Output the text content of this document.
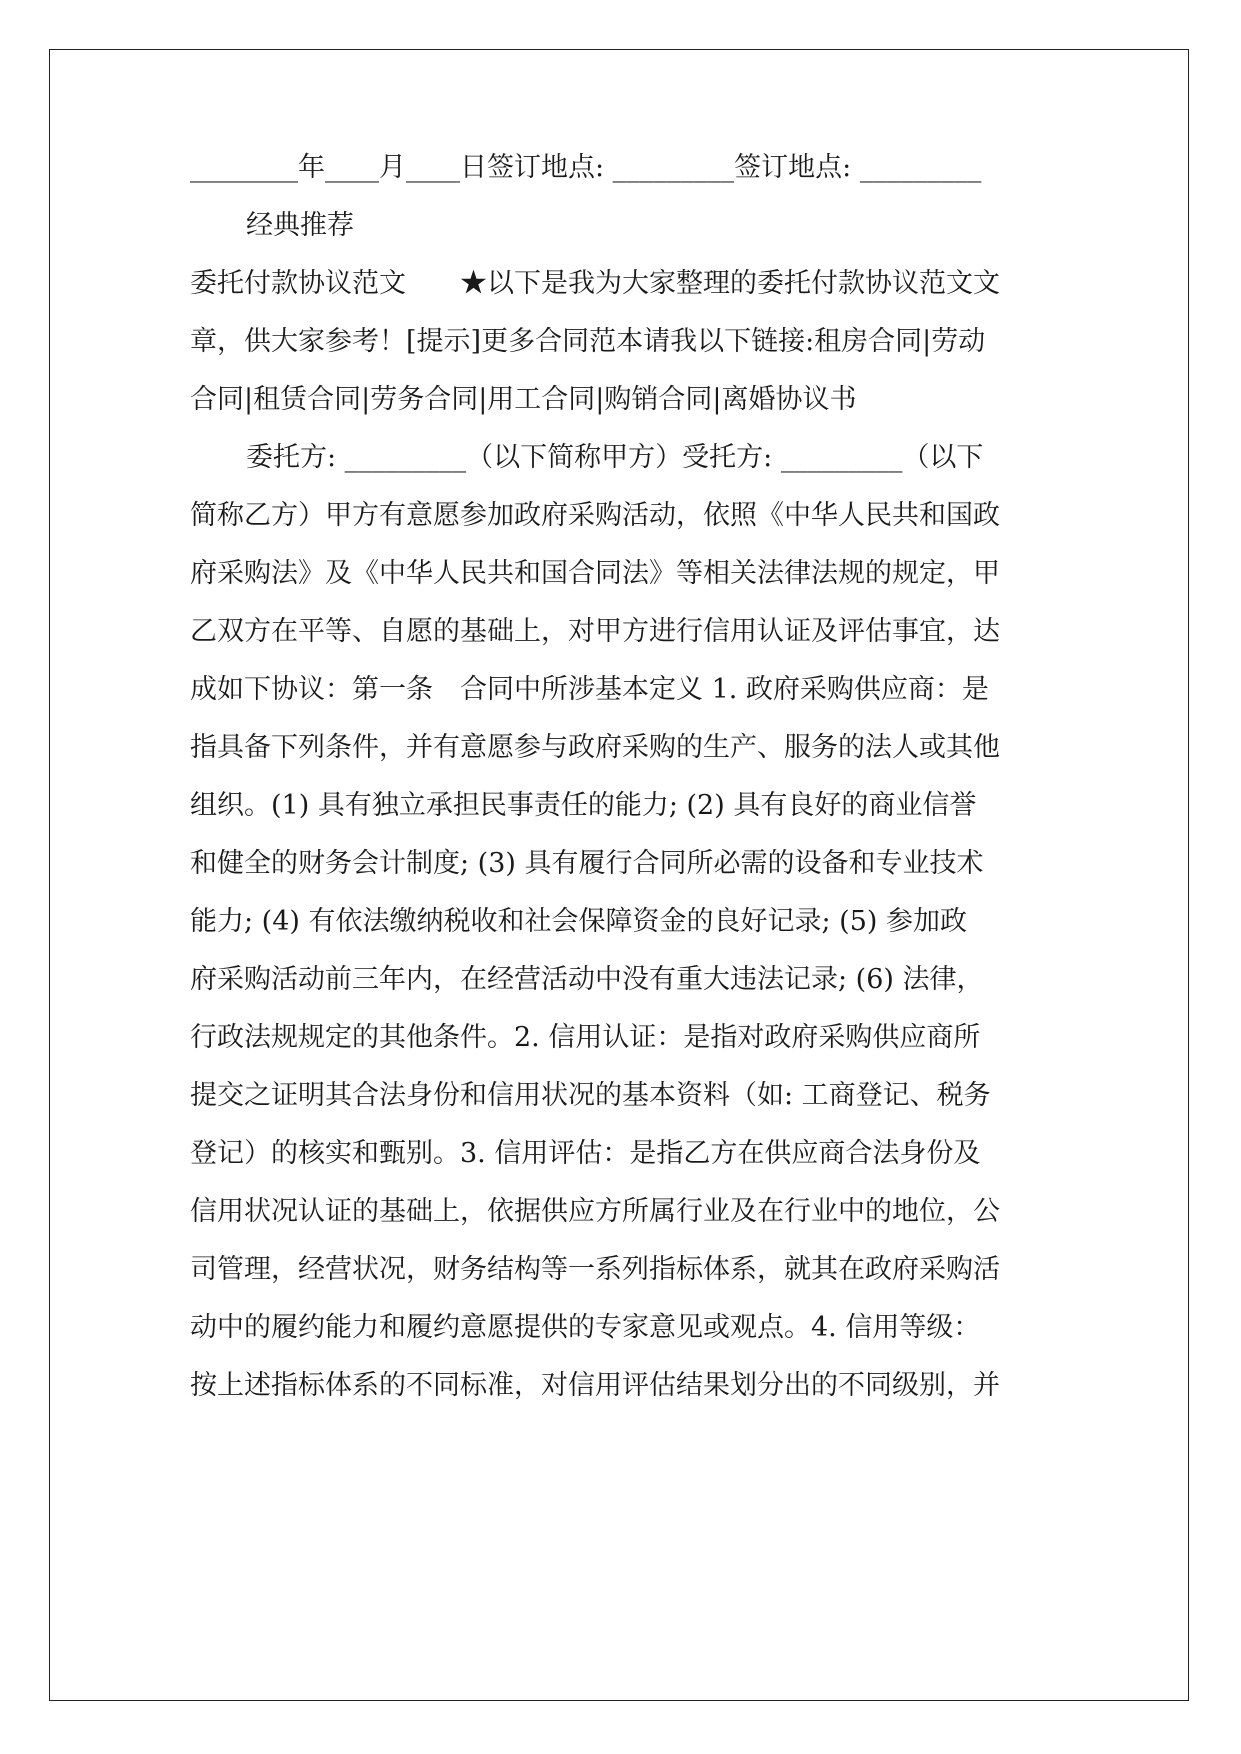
________年____月____日签订地点: _________签订地点: _________
经典推荐
委托付款协议范文　　★以下是我为大家整理的委托付款协议范文文
章，供大家参考！[提示]更多合同范本请我以下链接:租房合同|劳动
合同|租赁合同|劳务合同|用工合同|购销合同|离婚协议书
委托方: _________（以下简称甲方）受托方: _________（以下
简称乙方）甲方有意愿参加政府采购活动，依照《中华人民共和国政
府采购法》及《中华人民共和国合同法》等相关法律法规的规定，甲
乙双方在平等、自愿的基础上，对甲方进行信用认证及评估事宜，达
成如下协议：第一条　合同中所涉基本定义 1. 政府采购供应商：是
指具备下列条件，并有意愿参与政府采购的生产、服务的法人或其他
组织。(1) 具有独立承担民事责任的能力; (2) 具有良好的商业信誉
和健全的财务会计制度; (3) 具有履行合同所必需的设备和专业技术
能力; (4) 有依法缴纳税收和社会保障资金的良好记录; (5) 参加政
府采购活动前三年内，在经营活动中没有重大违法记录; (6) 法律，
行政法规规定的其他条件。2. 信用认证：是指对政府采购供应商所
提交之证明其合法身份和信用状况的基本资料（如: 工商登记、税务
登记）的核实和甄别。3. 信用评估：是指乙方在供应商合法身份及
信用状况认证的基础上，依据供应方所属行业及在行业中的地位，公
司管理，经营状况，财务结构等一系列指标体系，就其在政府采购活
动中的履约能力和履约意愿提供的专家意见或观点。4. 信用等级：
按上述指标体系的不同标准，对信用评估结果划分出的不同级别，并
